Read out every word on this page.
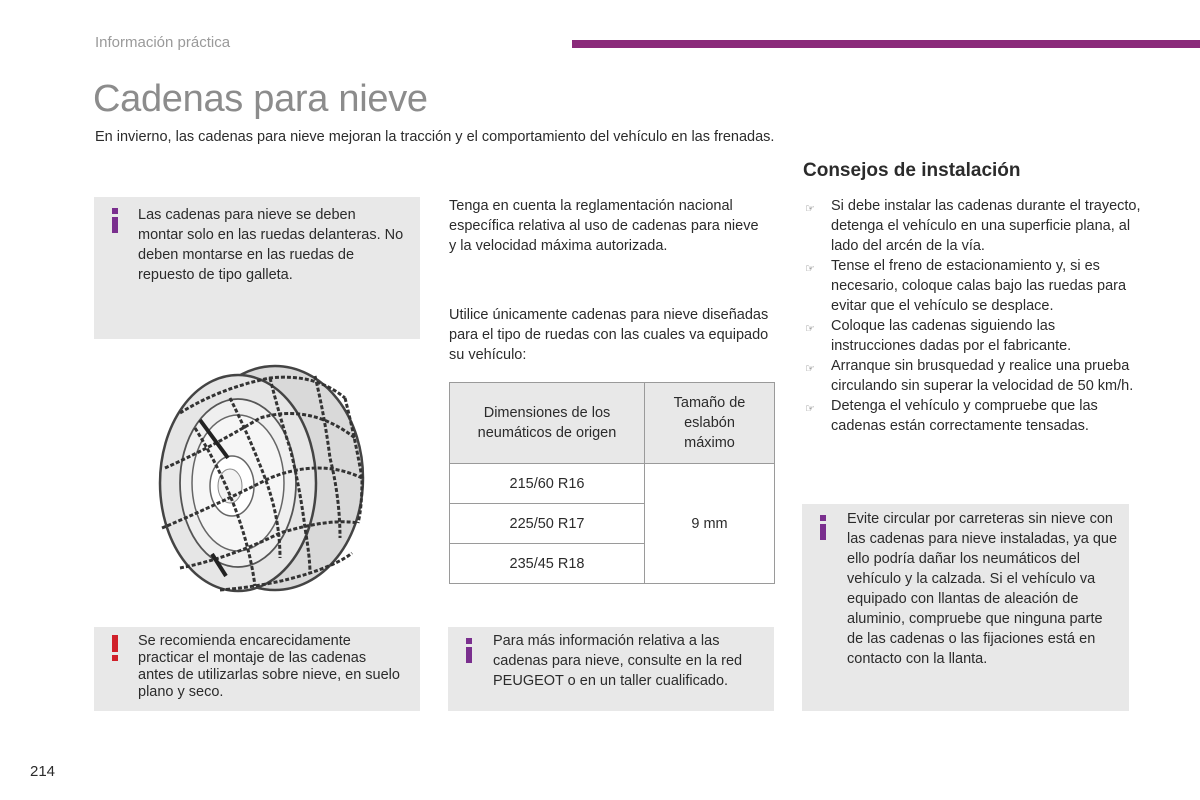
Información práctica
Cadenas para nieve
En invierno, las cadenas para nieve mejoran la tracción y el comportamiento del vehículo en las frenadas.
Las cadenas para nieve se deben montar solo en las ruedas delanteras. No deben montarse en las ruedas de repuesto de tipo galleta.
Se recomienda encarecidamente practicar el montaje de las cadenas antes de utilizarlas sobre nieve, en suelo plano y seco.
Tenga en cuenta la reglamentación nacional específica relativa al uso de cadenas para nieve y la velocidad máxima autorizada.
Utilice únicamente cadenas para nieve diseñadas para el tipo de ruedas con las cuales va equipado su vehículo:
Dimensiones de los neumáticos de origen	Tamaño de eslabón máximo
215/60 R16	9 mm
225/50 R17	
235/45 R18	
Para más información relativa a las cadenas para nieve, consulte en la red PEUGEOT o en un taller cualificado.
Consejos de instalación
☞ Si debe instalar las cadenas durante el trayecto, detenga el vehículo en una superficie plana, al lado del arcén de la vía.
☞ Tense el freno de estacionamiento y, si es necesario, coloque calas bajo las ruedas para evitar que el vehículo se desplace.
☞ Coloque las cadenas siguiendo las instrucciones dadas por el fabricante.
☞ Arranque sin brusquedad y realice una prueba circulando sin superar la velocidad de 50 km/h.
☞ Detenga el vehículo y compruebe que las cadenas están correctamente tensadas.
Evite circular por carreteras sin nieve con las cadenas para nieve instaladas, ya que ello podría dañar los neumáticos del vehículo y la calzada. Si el vehículo va equipado con llantas de aleación de aluminio, compruebe que ninguna parte de las cadenas o las fijaciones está en contacto con la llanta.
214
